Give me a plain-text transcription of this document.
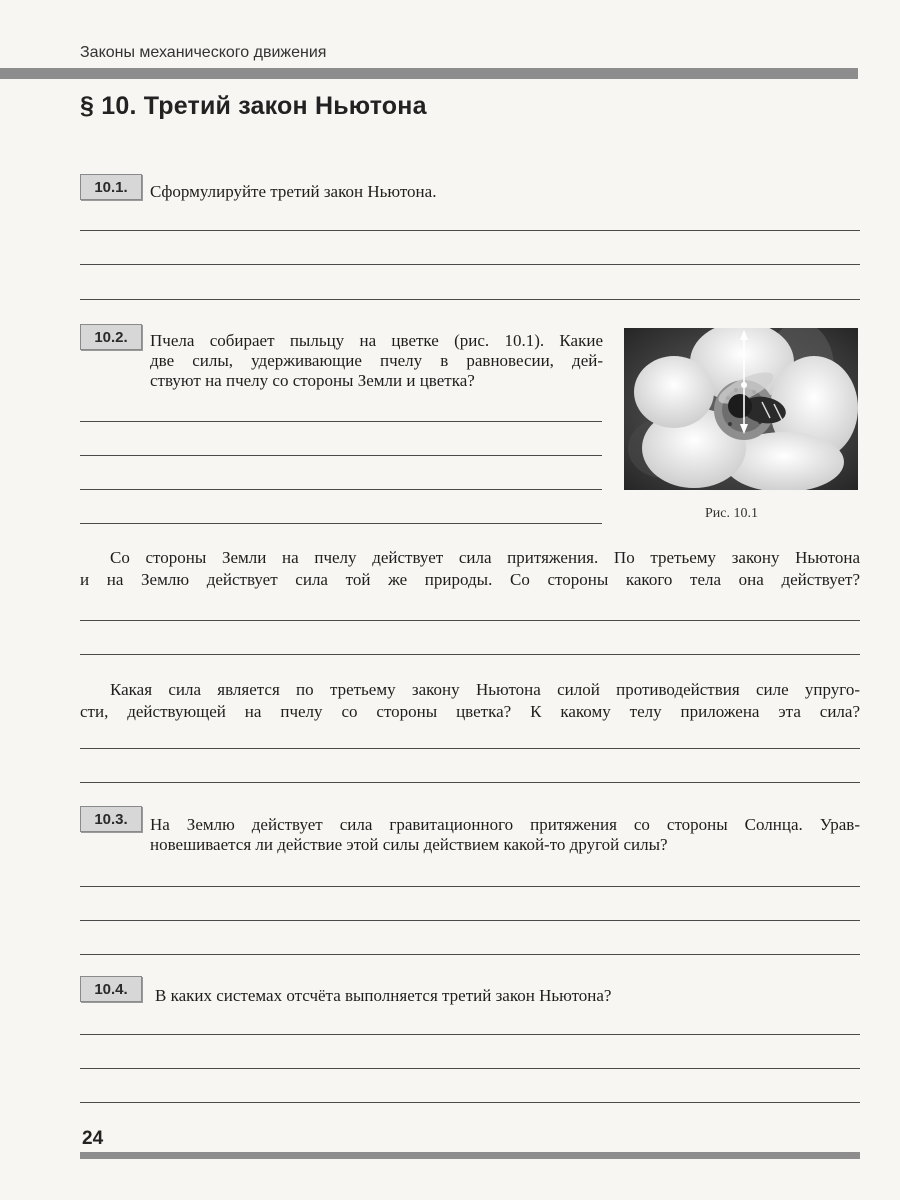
Законы механического движения
§ 10. Третий закон Ньютона
10.1.	Сформулируйте третий закон Ньютона.
10.2.	Пчела собирает пыльцу на цветке (рис. 10.1). Какие
две силы, удерживающие пчелу в равновесии, дей-
ствуют на пчелу со стороны Земли и цветка?
Рис. 10.1
Со стороны Земли на пчелу действует сила притяжения. По третьему закону Ньютона
и на Землю действует сила той же природы. Со стороны какого тела она действует?
Какая сила является по третьему закону Ньютона силой противодействия силе упруго-
сти, действующей на пчелу со стороны цветка? К какому телу приложена эта сила?
10.3.	На Землю действует сила гравитационного притяжения со стороны Солнца. Урав-
новешивается ли действие этой силы действием какой-то другой силы?
10.4.	В каких системах отсчёта выполняется третий закон Ньютона?
24
